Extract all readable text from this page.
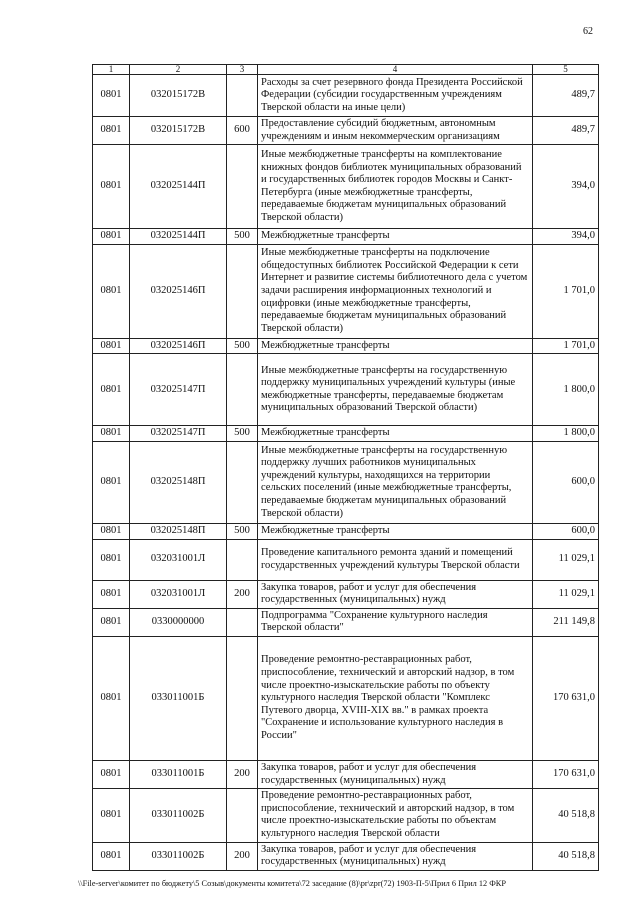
62
1	2	3	4	5
0801	032015172В		Расходы за счет резервного фонда Президента Российской Федерации (субсидии государственным учреждениям Тверской области на иные цели)	489,7
0801	032015172В	600	Предоставление субсидий бюджетным, автономным учреждениям и иным некоммерческим организациям	489,7
0801	032025144П		Иные межбюджетные трансферты на комплектование книжных фондов библиотек муниципальных образований и государственных библиотек городов Москвы и Санкт-Петербурга (иные межбюджетные трансферты, передаваемые бюджетам муниципальных образований Тверской области)	394,0
0801	032025144П	500	Межбюджетные трансферты	394,0
0801	032025146П		Иные межбюджетные трансферты на подключение общедоступных библиотек Российской Федерации к сети Интернет и развитие системы библиотечного дела с учетом задачи расширения информационных технологий и оцифровки (иные межбюджетные трансферты, передаваемые бюджетам муниципальных образований Тверской области)	1 701,0
0801	032025146П	500	Межбюджетные трансферты	1 701,0
0801	032025147П		Иные межбюджетные трансферты на государственную поддержку муниципальных учреждений культуры (иные межбюджетные трансферты, передаваемые бюджетам муниципальных образований Тверской области)	1 800,0
0801	032025147П	500	Межбюджетные трансферты	1 800,0
0801	032025148П		Иные межбюджетные трансферты на государственную поддержку лучших работников муниципальных учреждений культуры, находящихся на территории сельских поселений (иные межбюджетные трансферты, передаваемые бюджетам муниципальных образований Тверской области)	600,0
0801	032025148П	500	Межбюджетные трансферты	600,0
0801	032031001Л		Проведение капитального ремонта зданий и помещений государственных учреждений культуры Тверской области	11 029,1
0801	032031001Л	200	Закупка товаров, работ и услуг для обеспечения государственных (муниципальных) нужд	11 029,1
0801	0330000000		Подпрограмма "Сохранение культурного наследия Тверской области"	211 149,8
0801	033011001Б		Проведение ремонтно-реставрационных работ, приспособление, технический и авторский надзор, в том числе проектно-изыскательские работы по объекту культурного наследия Тверской области "Комплекс Путевого дворца, XVIII-XIX вв." в рамках проекта "Сохранение и использование культурного наследия в России"	170 631,0
0801	033011001Б	200	Закупка товаров, работ и услуг для обеспечения государственных (муниципальных) нужд	170 631,0
0801	033011002Б		Проведение ремонтно-реставрационных работ, приспособление, технический и авторский надзор, в том числе проектно-изыскательские работы по объектам культурного наследия Тверской области	40 518,8
0801	033011002Б	200	Закупка товаров, работ и услуг для обеспечения государственных (муниципальных) нужд	40 518,8
\\File-server\комитет по бюджету\5 Созыв\документы комитета\72 заседание (8)\pr\zpr(72) 1903-П-5\Прил 6 Прил 12 ФКР
